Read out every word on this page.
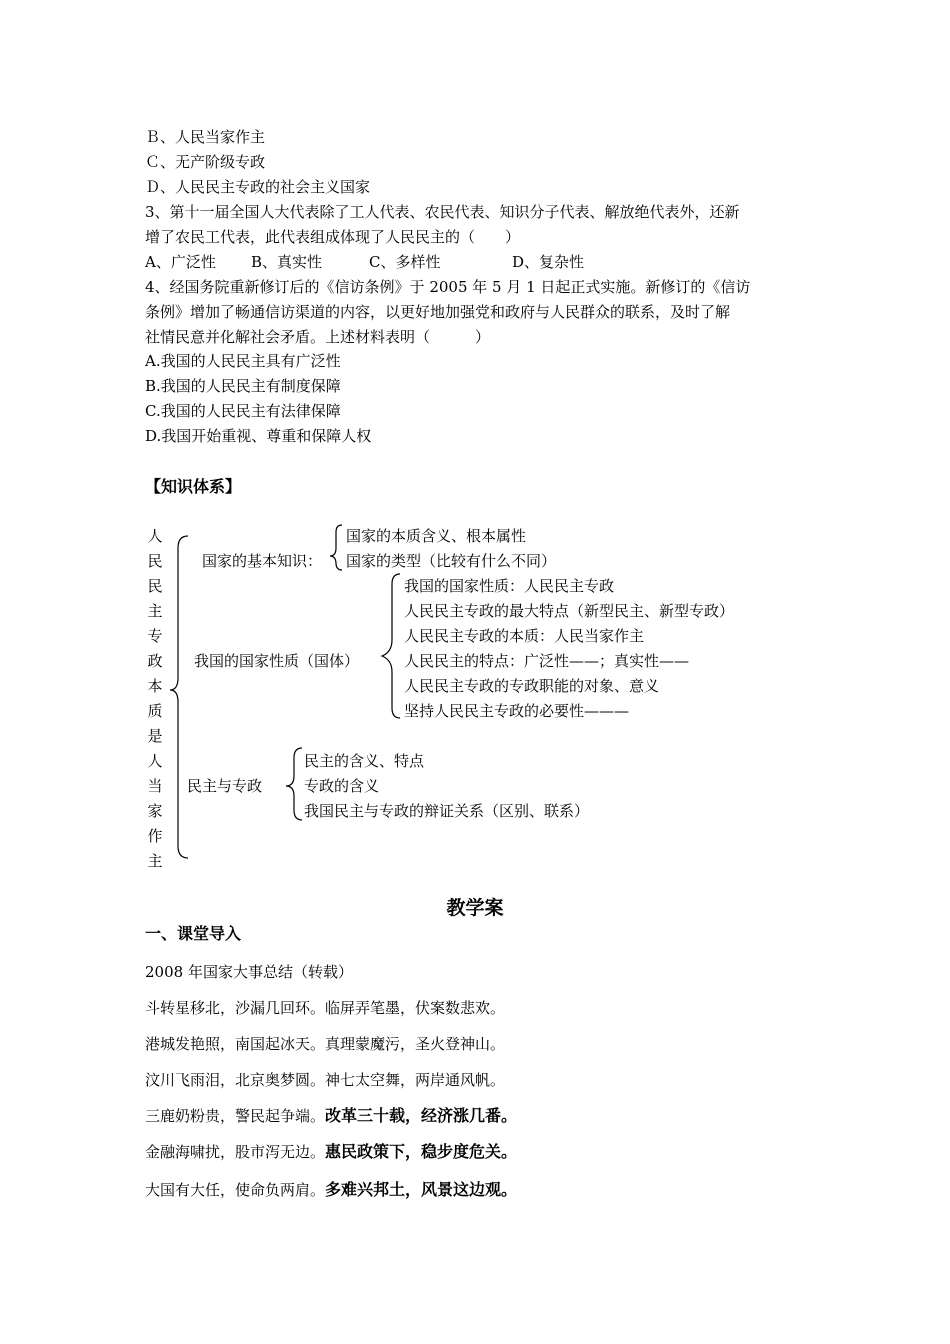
Ｂ、人民当家作主
Ｃ、无产阶级专政
Ｄ、人民民主专政的社会主义国家
3、第十一届全国人大代表除了工人代表、农民代表、知识分子代表、解放绝代表外，还新
增了农民工代表，此代表组成体现了人民民主的（　　）
A、广泛性 B、真实性	C、多样性	D、复杂性
4、经国务院重新修订后的《信访条例》于 2005 年 5 月 1 日起正式实施。新修订的《信访
条例》增加了畅通信访渠道的内容，以更好地加强党和政府与人民群众的联系，及时了解
社情民意并化解社会矛盾。上述材料表明（　　　）
A.我国的人民民主具有广泛性
B.我国的人民民主有制度保障
C.我国的人民民主有法律保障
D.我国开始重视、尊重和保障人权
【知识体系】
人
民
民
主
专
政
本
质
是
人
当
家
作
主
国家的基本知识：
国家的本质含义、根本属性
国家的类型（比较有什么不同）
我国的国家性质（国体）
我国的国家性质：人民民主专政
人民民主专政的最大特点（新型民主、新型专政）
人民民主专政的本质：人民当家作主
人民民主的特点：广泛性——；真实性——
人民民主专政的专政职能的对象、意义
坚持人民民主专政的必要性———
民主与专政
民主的含义、特点
专政的含义
我国民主与专政的辩证关系（区别、联系）
教学案
一、课堂导入
2008 年国家大事总结（转载）
斗转星移北，沙漏几回环。临屏弄笔墨，伏案数悲欢。
港城发艳照，南国起冰天。真理蒙魔污，圣火登神山。
汶川飞雨泪，北京奥梦圆。神七太空舞，两岸通风帆。
三鹿奶粉贵，警民起争端。改革三十载，经济涨几番。
金融海啸扰，股市泻无边。惠民政策下，稳步度危关。
大国有大任，使命负两肩。多难兴邦土，风景这边观。
